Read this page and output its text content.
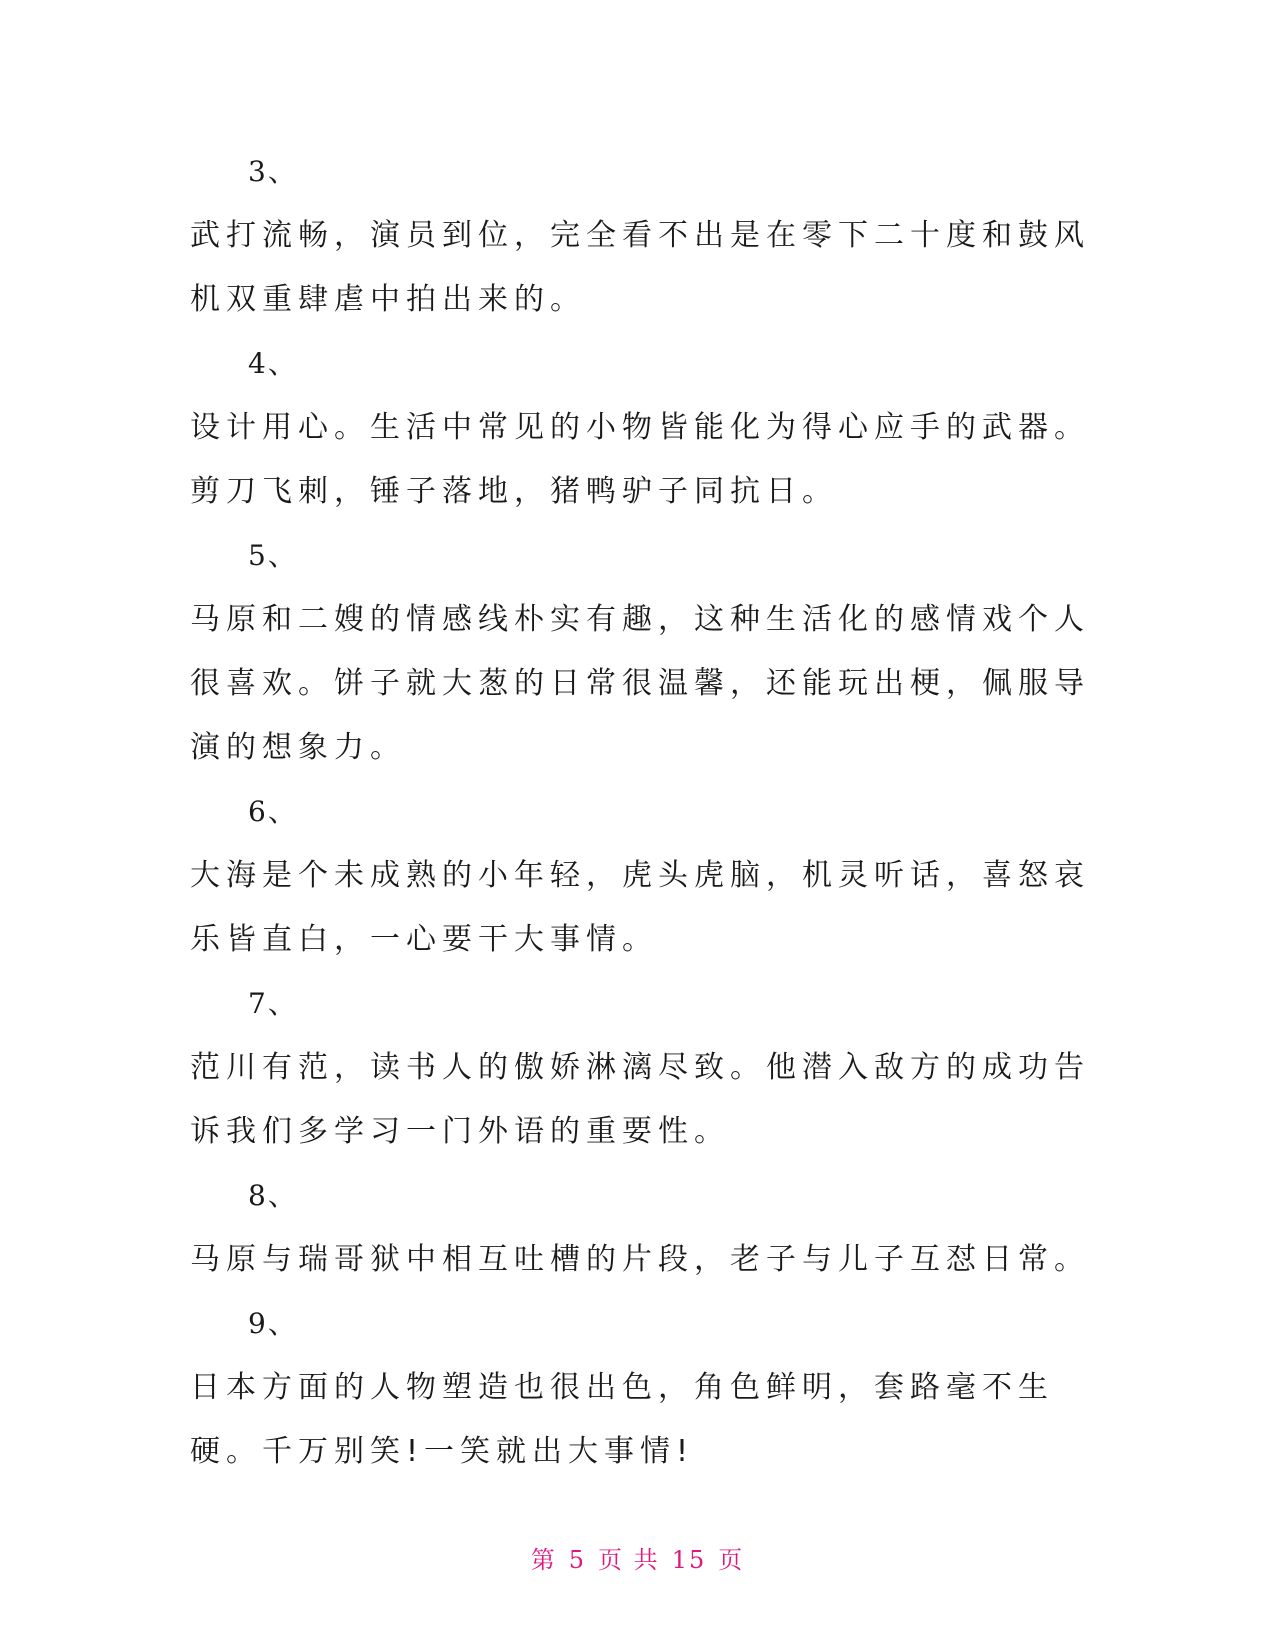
3、

武打流畅，演员到位，完全看不出是在零下二十度和鼓风机双重肆虐中拍出来的。

4、

设计用心。生活中常见的小物皆能化为得心应手的武器。剪刀飞刺，锤子落地，猪鸭驴子同抗日。

5、

马原和二嫂的情感线朴实有趣，这种生活化的感情戏个人很喜欢。饼子就大葱的日常很温馨，还能玩出梗，佩服导演的想象力。

6、

大海是个未成熟的小年轻，虎头虎脑，机灵听话，喜怒哀乐皆直白，一心要干大事情。

7、

范川有范，读书人的傲娇淋漓尽致。他潜入敌方的成功告诉我们多学习一门外语的重要性。

8、

马原与瑞哥狱中相互吐槽的片段，老子与儿子互怼日常。

9、

日本方面的人物塑造也很出色，角色鲜明，套路毫不生硬。千万别笑!一笑就出大事情!

第 5 页 共 15 页
